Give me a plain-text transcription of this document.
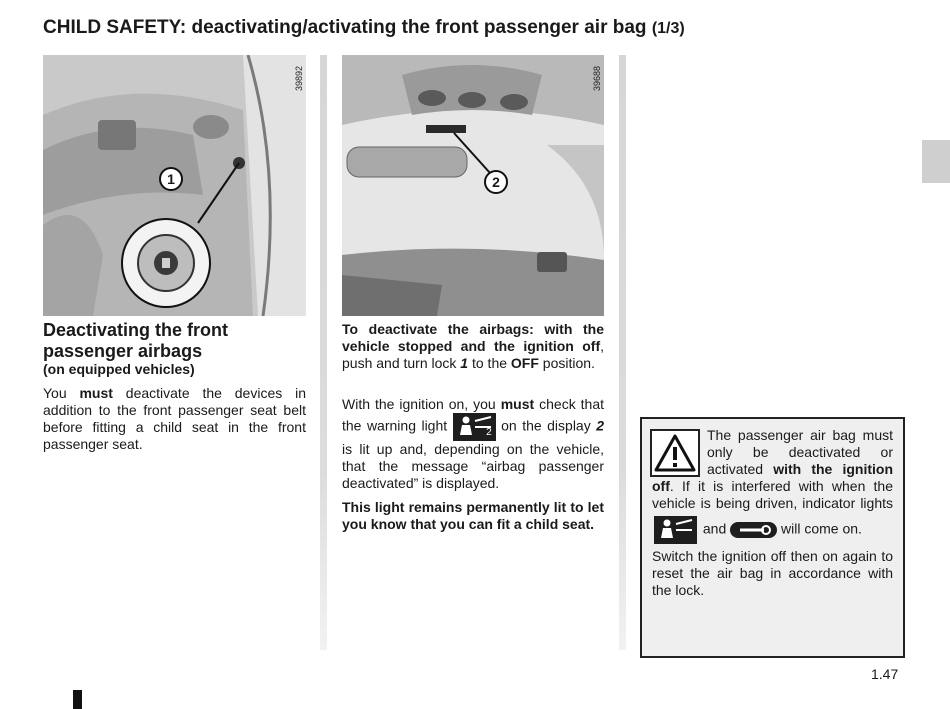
CHILD SAFETY: deactivating/activating the front passenger air bag (1/3)
39892
1
39688
2
Deactivating the front passenger airbags
(on equipped vehicles)
You must deactivate the devices in addition to the front passenger seat belt before fitting a child seat in the front passenger seat.
To deactivate the airbags: with the vehicle stopped and the ignition off, push and turn lock 1 to the OFF position.
With the ignition on, you must check that the warning light	2 on the display 2 is lit up and, depending on the vehicle, that the message “airbag passenger deactivated” is displayed.
This light remains permanently lit to let you know that you can fit a child seat.
The passenger air bag must only be deactivated or activated with the ignition off. If it is interfered with when the vehicle is being driven, indicator lights  and	will come on.
Switch the ignition off then on again to reset the air bag in accordance with the lock.
1.47
